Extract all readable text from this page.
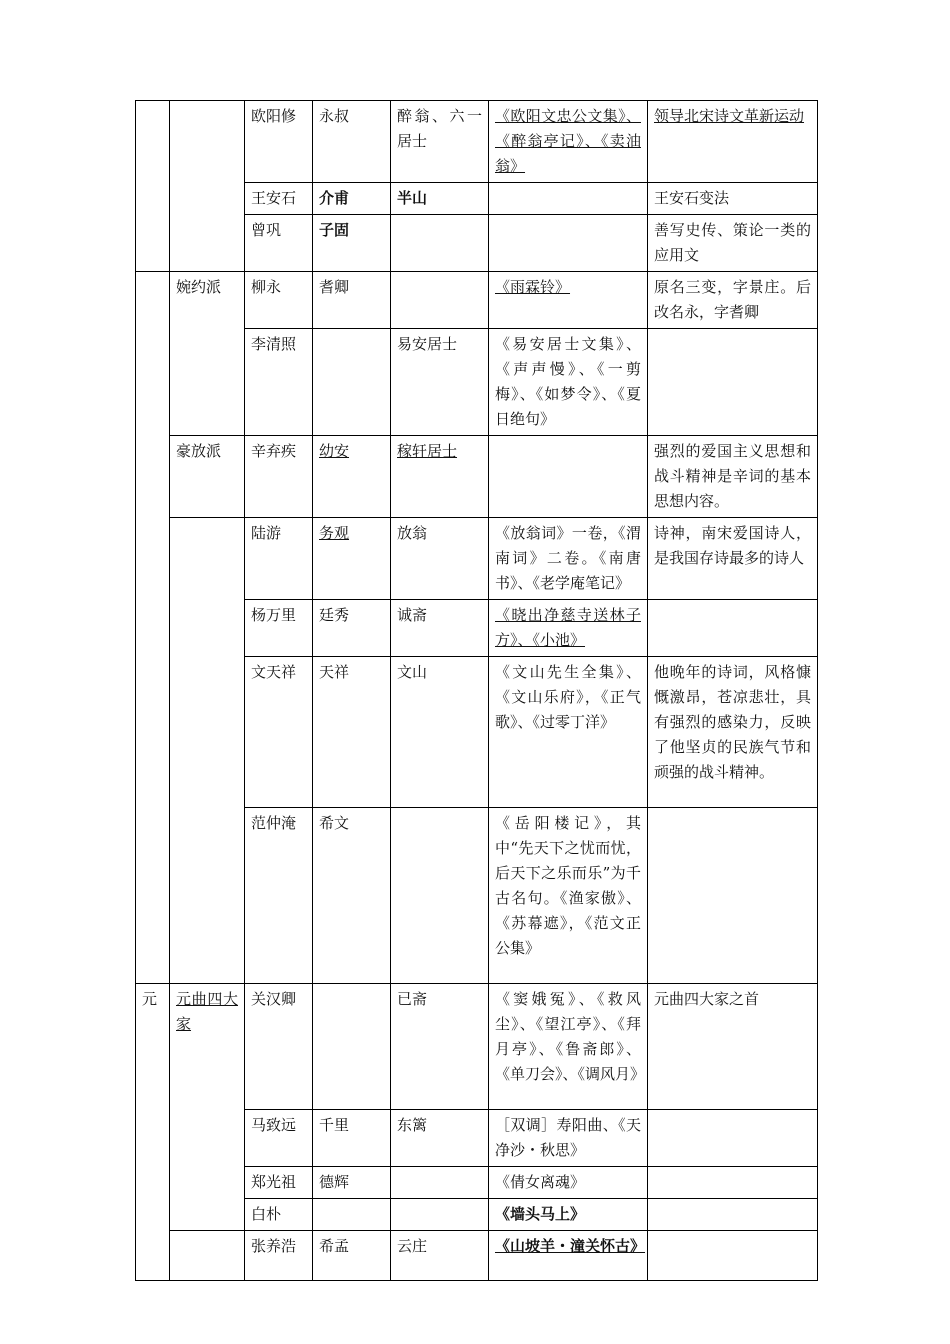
		欧阳修	永叔	醉翁、六一居士	《欧阳文忠公文集》、《醉翁亭记》、《卖油翁》	领导北宋诗文革新运动
		王安石	介甫	半山		王安石变法
		曾巩	子固			善写史传、策论一类的应用文
	婉约派	柳永	耆卿		《雨霖铃》	原名三变，字景庄。后改名永，字耆卿
		李清照		易安居士	《易安居士文集》、《声声慢》、《一剪梅》、《如梦令》、《夏日绝句》	
	豪放派	辛弃疾	幼安	稼轩居士		强烈的爱国主义思想和战斗精神是辛词的基本思想内容。
		陆游	务观	放翁	《放翁词》一卷，《渭南词》二卷。《南唐书》、《老学庵笔记》	诗神，南宋爱国诗人，是我国存诗最多的诗人
		杨万里	廷秀	诚斋	《晓出净慈寺送林子方》、《小池》	
		文天祥	天祥	文山	《文山先生全集》、《文山乐府》，《正气歌》、《过零丁洋》	他晚年的诗词，风格慷慨激昂，苍凉悲壮，具有强烈的感染力，反映了他坚贞的民族气节和顽强的战斗精神。
		范仲淹	希文		《岳阳楼记》，其中“先天下之忧而忧，后天下之乐而乐”为千古名句。《渔家傲》、《苏幕遮》，《范文正公集》	
元	元曲四大家	关汉卿		已斋	《窦娥冤》、《救风尘》、《望江亭》、《拜月亭》、《鲁斋郎》、《单刀会》、《调风月》	元曲四大家之首
		马致远	千里	东篱	［双调］寿阳曲、《天净沙・秋思》	
		郑光祖	德辉		《倩女离魂》	
		白朴			《墙头马上》	
		张养浩	希孟	云庄	《山坡羊・潼关怀古》	
